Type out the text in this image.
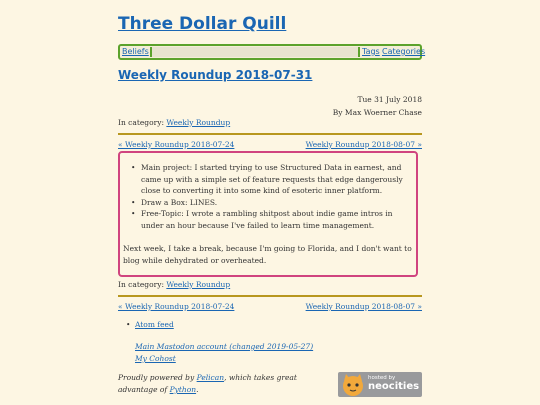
Three Dollar Quill
Beliefs	Tags Categories
Weekly Roundup 2018-07-31
Tue 31 July 2018
By Max Woerner Chase
In category: Weekly Roundup
« Weekly Roundup 2018-07-24	Weekly Roundup 2018-08-07 »
• Main project: I started trying to use Structured Data in earnest, and came up with a simple set of feature requests that edge dangerously close to converting it into some kind of esoteric inner platform.
• Draw a Box: LINES.
• Free-Topic: I wrote a rambling shitpost about indie game intros in under an hour because I've failed to learn time management.
Next week, I take a break, because I'm going to Florida, and I don't want to blog while dehydrated or overheated.
In category: Weekly Roundup
« Weekly Roundup 2018-07-24	Weekly Roundup 2018-08-07 »
• Atom feed
Main Mastodon account (changed 2019-05-27)
My Cohost
Proudly powered by Pelican, which takes great advantage of Python.
hosted by
neocities
